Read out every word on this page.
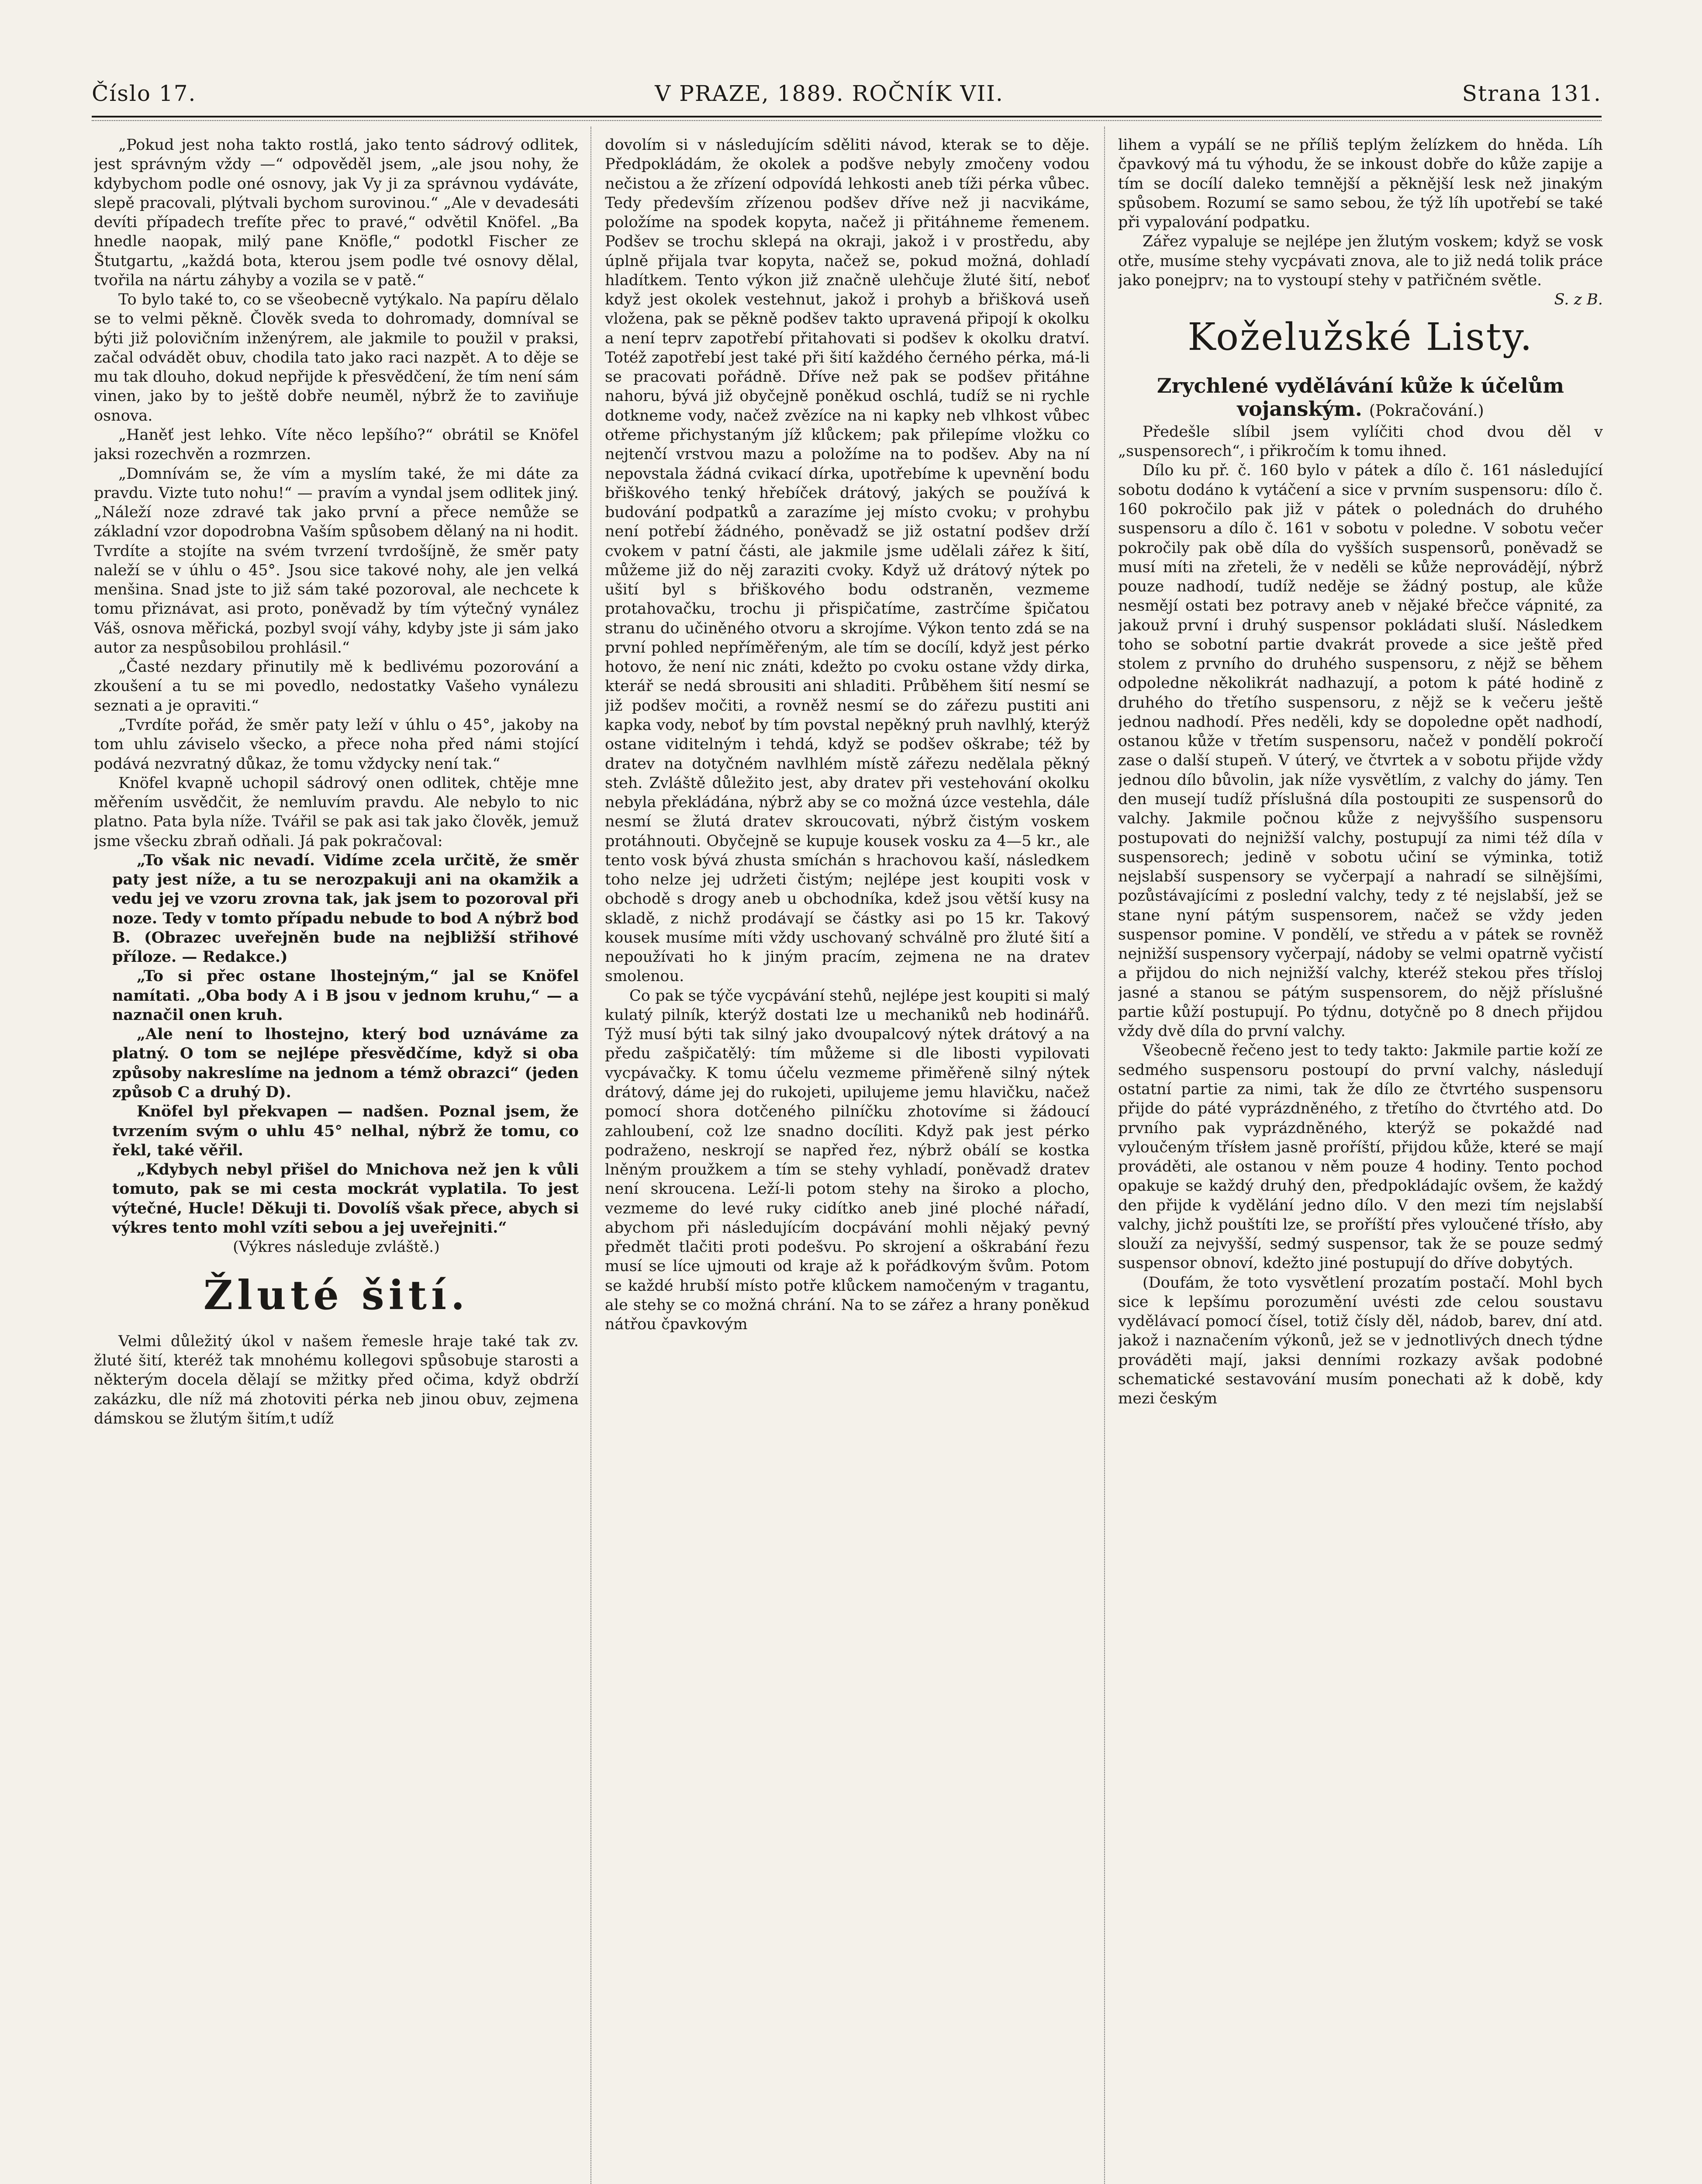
Číslo 17.	V PRAZE, 1889. ROČNÍK VII.	Strana 131.

„Pokud jest noha takto rostlá, jako tento sádrový odlitek, jest správným vždy —“ odpověděl jsem, „ale jsou nohy, že kdybychom podle oné osnovy, jak Vy ji za správnou vydáváte, slepě pracovali, plýtvali bychom surovinou.“ „Ale v devadesáti devíti případech trefíte přec to pravé,“ odvětil Knöfel. „Ba hnedle naopak, milý pane Knöfle,“ podotkl Fischer ze Štutgartu, „každá bota, kterou jsem podle tvé osnovy dělal, tvořila na nártu záhyby a vozila se v patě.“

To bylo také to, co se všeobecně vytýkalo. Na papíru dělalo se to velmi pěkně. Člověk sveda to dohromady, domníval se býti již polovičním inženýrem, ale jakmile to použil v praksi, začal odvádět obuv, chodila tato jako raci nazpět. A to děje se mu tak dlouho, dokud nepřijde k přesvědčení, že tím není sám vinen, jako by to ještě dobře neuměl, nýbrž že to zaviňuje osnova.

„Haněť jest lehko. Víte něco lepšího?“ obrátil se Knöfel jaksi rozechvěn a rozmrzen.

„Domnívám se, že vím a myslím také, že mi dáte za pravdu. Vizte tuto nohu!“ — pravím a vyndal jsem odlitek jiný. „Náleží noze zdravé tak jako první a přece nemůže se základní vzor dopodrobna Vaším spůsobem dělaný na ni hodit. Tvrdíte a stojíte na svém tvrzení tvrdošíjně, že směr paty naleží se v úhlu o 45°. Jsou sice takové nohy, ale jen velká menšina. Snad jste to již sám také pozoroval, ale nechcete k tomu přiznávat, asi proto, poněvadž by tím výtečný vynález Váš, osnova měřická, pozbyl svojí váhy, kdyby jste ji sám jako autor za nespůsobilou prohlásil.“

„Časté nezdary přinutily mě k bedlivému pozorování a zkoušení a tu se mi povedlo, nedostatky Vašeho vynálezu seznati a je opraviti.“

„Tvrdíte pořád, že směr paty leží v úhlu o 45°, jakoby na tom uhlu záviselo všecko, a přece noha před námi stojící podává nezvratný důkaz, že tomu vždycky není tak.“

Knöfel kvapně uchopil sádrový onen odlitek, chtěje mne měřením usvědčit, že nemluvím pravdu. Ale nebylo to nic platno. Pata byla níže. Tvářil se pak asi tak jako člověk, jemuž jsme všecku zbraň odňali. Já pak pokračoval:

„To však nic nevadí. Vidíme zcela určitě, že směr paty jest níže, a tu se nerozpakuji ani na okamžik a vedu jej ve vzoru zrovna tak, jak jsem to pozoroval při noze. Tedy v tomto případu nebude to bod A nýbrž bod B. (Obrazec uveřejněn bude na nejbližší střihové příloze. — Redakce.)

„To si přec ostane lhostejným,“ jal se Knöfel namítati. „Oba body A i B jsou v jednom kruhu,“ — a naznačil onen kruh.

„Ale není to lhostejno, který bod uznáváme za platný. O tom se nejlépe přesvědčíme, když si oba způsoby nakreslíme na jednom a témž obrazci“ (jeden způsob C a druhý D).

Knöfel byl překvapen — nadšen. Poznal jsem, že tvrzením svým o uhlu 45° nelhal, nýbrž že tomu, co řekl, také věřil.

„Kdybych nebyl přišel do Mnichova než jen k vůli tomuto, pak se mi cesta mockrát vyplatila. To jest výtečné, Hucle! Děkuji ti. Dovolíš však přece, abych si výkres tento mohl vzíti sebou a jej uveřejniti.“

(Výkres následuje zvláště.)

Žluté šití.

Velmi důležitý úkol v našem řemesle hraje také tak zv. žluté šití, kteréž tak mnohému kollegovi spůsobuje starosti a některým docela dělají se mžitky před očima, když obdrží zakázku, dle níž má zhotoviti pérka neb jinou obuv, zejmena dámskou se žlutým šitím,t udíž

dovolím si v následujícím sděliti návod, kterak se to děje. Předpokládám, že okolek a podšve nebyly zmočeny vodou nečistou a že zřízení odpovídá lehkosti aneb tíži pérka vůbec. Tedy především zřízenou podšev dříve než ji nacvikáme, položíme na spodek kopyta, načež ji přitáhneme řemenem. Podšev se trochu sklepá na okraji, jakož i v prostředu, aby úplně přijala tvar kopyta, načež se, pokud možná, dohladí hladítkem. Tento výkon již značně ulehčuje žluté šití, neboť když jest okolek vestehnut, jakož i prohyb a břišková useň vložena, pak se pěkně podšev takto upravená připojí k okolku a není teprv zapotřebí přitahovati si podšev k okolku dratví. Totéž zapotřebí jest také při šití každého černého pérka, má-li se pracovati pořádně. Dříve než pak se podšev přitáhne nahoru, bývá již obyčejně poněkud oschlá, tudíž se ni rychle dotkneme vody, načež zvězíce na ni kapky neb vlhkost vůbec otřeme přichystaným jíž klůckem; pak přilepíme vložku co nejtenčí vrstvou mazu a položíme na to podšev. Aby na ní nepovstala žádná cvikací dírka, upotřebíme k upevnění bodu břiškového tenký hřebíček drátový, jakých se používá k budování podpatků a zarazíme jej místo cvoku; v prohybu není potřebí žádného, poněvadž se již ostatní podšev drží cvokem v patní části, ale jakmile jsme udělali zářez k šití, můžeme již do něj zaraziti cvoky. Když už drátový nýtek po ušití byl s břiškového bodu odstraněn, vezmeme protahovačku, trochu ji přispičatíme, zastrčíme špičatou stranu do učiněného otvoru a skrojíme. Výkon tento zdá se na první pohled nepříměřeným, ale tím se docílí, když jest pérko hotovo, že není nic znáti, kdežto po cvoku ostane vždy dirka, kterář se nedá sbrousiti ani shladiti. Průběhem šití nesmí se již podšev močiti, a rovněž nesmí se do zářezu pustiti ani kapka vody, neboť by tím povstal nepěkný pruh navlhlý, kterýž ostane viditelným i tehdá, když se podšev oškrabe; též by dratev na dotyčném navlhlém místě zářezu nedělala pěkný steh. Zvláště důležito jest, aby dratev při vestehování okolku nebyla překládána, nýbrž aby se co možná úzce vestehla, dále nesmí se žlutá dratev skroucovati, nýbrž čistým voskem protáhnouti. Obyčejně se kupuje kousek vosku za 4—5 kr., ale tento vosk bývá zhusta smíchán s hrachovou kaší, následkem toho nelze jej udržeti čistým; nejlépe jest koupiti vosk v obchodě s drogy aneb u obchodníka, kdež jsou větší kusy na skladě, z nichž prodávají se částky asi po 15 kr. Takový kousek musíme míti vždy uschovaný schválně pro žluté šití a nepoužívati ho k jiným pracím, zejmena ne na dratev smolenou.

Co pak se týče vycpávání stehů, nejlépe jest koupiti si malý kulatý pilník, kterýž dostati lze u mechaniků neb hodinářů. Týž musí býti tak silný jako dvoupalcový nýtek drátový a na předu zašpičatělý: tím můžeme si dle libosti vypilovati vycpávačky. K tomu účelu vezmeme přiměřeně silný nýtek drátový, dáme jej do rukojeti, upilujeme jemu hlavičku, načež pomocí shora dotčeného pilníčku zhotovíme si žádoucí zahloubení, což lze snadno docíliti. Když pak jest pérko podraženo, neskrojí se napřed řez, nýbrž obálí se kostka lněným proužkem a tím se stehy vyhladí, poněvadž dratev není skroucena. Leží-li potom stehy na široko a plocho, vezmeme do levé ruky cidítko aneb jiné ploché nářadí, abychom při následujícím docpávání mohli nějaký pevný předmět tlačiti proti podešvu. Po skrojení a oškrabání řezu musí se líce ujmouti od kraje až k pořádkovým švům. Potom se každé hrubší místo potře klůckem namočeným v tragantu, ale stehy se co možná chrání. Na to se zářez a hrany poněkud nátřou čpavkovým

lihem a vypálí se ne příliš teplým želízkem do hněda. Líh čpavkový má tu výhodu, že se inkoust dobře do kůže zapije a tím se docílí daleko temnější a pěknější lesk než jinakým spůsobem. Rozumí se samo sebou, že týž líh upotřebí se také při vypalování podpatku.

Zářez vypaluje se nejlépe jen žlutým voskem; když se vosk otře, musíme stehy vycpávati znova, ale to již nedá tolik práce jako ponejprv; na to vystoupí stehy v patřičném světle.

S. z B.

Koželužské Listy.
Zrychlené vydělávání kůže k účelům vojanským. (Pokračování.)

Předešle slíbil jsem vylíčiti chod dvou děl v „suspensorech“, i přikročím k tomu ihned.

Dílo ku př. č. 160 bylo v pátek a dílo č. 161 následující sobotu dodáno k vytáčení a sice v prvním suspensoru: dílo č. 160 pokročilo pak již v pátek o polednách do druhého suspensoru a dílo č. 161 v sobotu v poledne. V sobotu večer pokročily pak obě díla do vyšších suspensorů, poněvadž se musí míti na zřeteli, že v neděli se kůže neprovádějí, nýbrž pouze nadhodí, tudíž neděje se žádný postup, ale kůže nesmějí ostati bez potravy aneb v nějaké břečce vápnité, za jakouž první i druhý suspensor pokládati sluší. Následkem toho se sobotní partie dvakrát provede a sice ještě před stolem z prvního do druhého suspensoru, z nějž se během odpoledne několikrát nadhazují, a potom k páté hodině z druhého do třetího suspensoru, z nějž se k večeru ještě jednou nadhodí. Přes neděli, kdy se dopoledne opět nadhodí, ostanou kůže v třetím suspensoru, načež v pondělí pokročí zase o další stupeň. V úterý, ve čtvrtek a v sobotu přijde vždy jednou dílo bůvolin, jak níže vysvětlím, z valchy do jámy. Ten den musejí tudíž příslušná díla postoupiti ze suspensorů do valchy. Jakmile počnou kůže z nejvyššího suspensoru postupovati do nejnižší valchy, postupují za nimi též díla v suspensorech; jedině v sobotu učiní se výminka, totiž nejslabší suspensory se vyčerpají a nahradí se silnějšími, pozůstávajícími z poslední valchy, tedy z té nejslabší, jež se stane nyní pátým suspensorem, načež se vždy jeden suspensor pomine. V pondělí, ve středu a v pátek se rovněž nejnižší suspensory vyčerpají, nádoby se velmi opatrně vyčistí a přijdou do nich nejnižší valchy, kteréž stekou přes třísloj jasné a stanou se pátým suspensorem, do nějž příslušné partie kůží postupují. Po týdnu, dotyčně po 8 dnech přijdou vždy dvě díla do první valchy.

Všeobecně řečeno jest to tedy takto: Jakmile partie koží ze sedmého suspensoru postoupí do první valchy, následují ostatní partie za nimi, tak že dílo ze čtvrtého suspensoru přijde do páté vyprázdněného, z třetího do čtvrtého atd. Do prvního pak vyprázdněného, kterýž se pokaždé nad vyloučeným třísłem jasně proříští, přijdou kůže, které se mají prováděti, ale ostanou v něm pouze 4 hodiny. Tento pochod opakuje se každý druhý den, předpokládajíc ovšem, že každý den přijde k vydělání jedno dílo. V den mezi tím nejslabší valchy, jichž pouštíti lze, se proříští přes vyloučené třísło, aby slouží za nejvyšší, sedmý suspensor, tak že se pouze sedmý suspensor obnoví, kdežto jiné postupují do dříve dobytých.

(Doufám, že toto vysvětlení prozatím postačí. Mohl bych sice k lepšímu porozumění uvésti zde celou soustavu vydělávací pomocí čísel, totiž čísly děl, nádob, barev, dní atd. jakož i naznačením výkonů, jež se v jednotlivých dnech týdne prováděti mají, jaksi denními rozkazy avšak podobné schematické sestavování musím ponechati až k době, kdy mezi českým
